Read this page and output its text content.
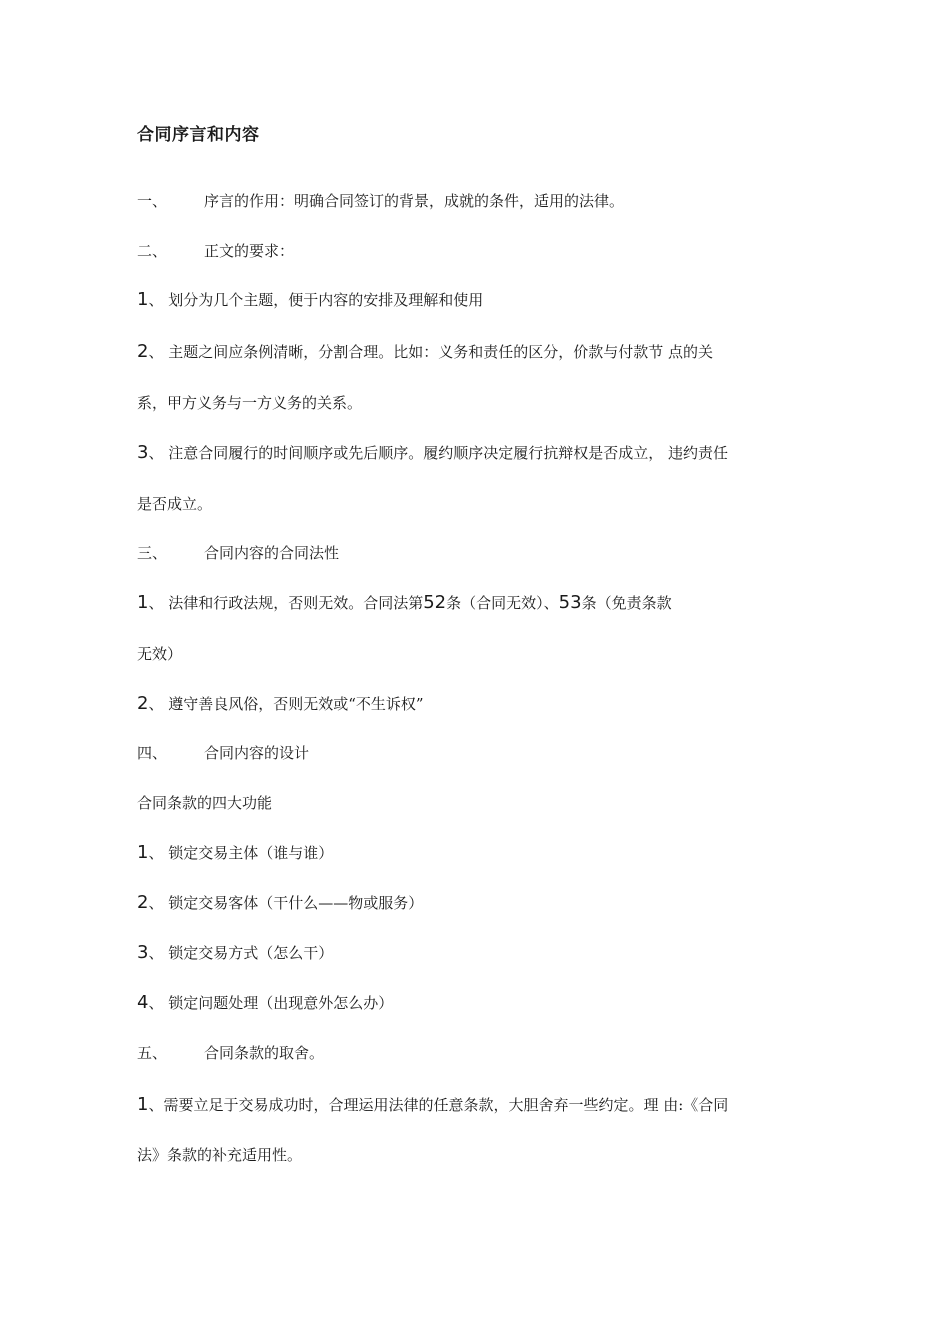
合同序言和内容

一、 序言的作用：明确合同签订的背景，成就的条件，适用的法律。

二、 正文的要求：

1、 划分为几个主题，便于内容的安排及理解和使用

2、 主题之间应条例清晰，分割合理。比如：义务和责任的区分，价款与付款节 点的关

系，甲方义务与一方义务的关系。

3、 注意合同履行的时间顺序或先后顺序。履约顺序决定履行抗辩权是否成立， 违约责任

是否成立。

三、 合同内容的合同法性

1、 法律和行政法规，否则无效。合同法第52条（合同无效）、53条（免责条款

无效）

2、 遵守善良风俗，否则无效或“不生诉权”

四、 合同内容的设计

合同条款的四大功能

1、 锁定交易主体（谁与谁）

2、 锁定交易客体（干什么——物或服务）

3、 锁定交易方式（怎么干）

4、 锁定问题处理（出现意外怎么办）

五、 合同条款的取舍。

1、需要立足于交易成功时，合理运用法律的任意条款，大胆舍弃一些约定。理 由:《合同

法》条款的补充适用性。
